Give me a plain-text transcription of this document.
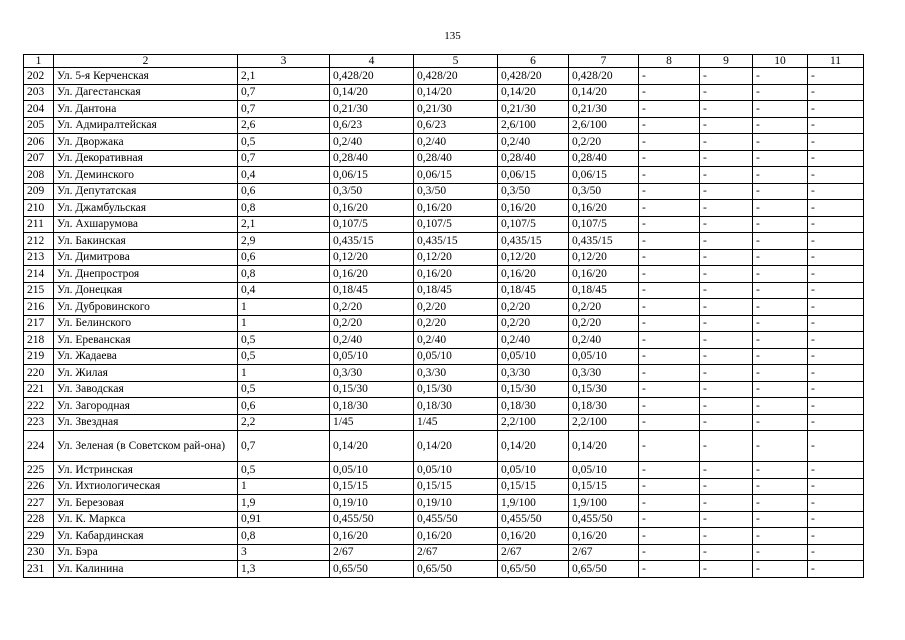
135
1	2	3	4	5	6	7	8	9	10	11
202	Ул. 5-я Керченская	2,1	0,428/20	0,428/20	0,428/20	0,428/20	-	-	-	-
203	Ул. Дагестанская	0,7	0,14/20	0,14/20	0,14/20	0,14/20	-	-	-	-
204	Ул. Дантона	0,7	0,21/30	0,21/30	0,21/30	0,21/30	-	-	-	-
205	Ул. Адмиралтейская	2,6	0,6/23	0,6/23	2,6/100	2,6/100	-	-	-	-
206	Ул. Дворжака	0,5	0,2/40	0,2/40	0,2/40	0,2/20	-	-	-	-
207	Ул. Декоративная	0,7	0,28/40	0,28/40	0,28/40	0,28/40	-	-	-	-
208	Ул. Деминского	0,4	0,06/15	0,06/15	0,06/15	0,06/15	-	-	-	-
209	Ул. Депутатская	0,6	0,3/50	0,3/50	0,3/50	0,3/50	-	-	-	-
210	Ул. Джамбульская	0,8	0,16/20	0,16/20	0,16/20	0,16/20	-	-	-	-
211	Ул. Ахшарумова	2,1	0,107/5	0,107/5	0,107/5	0,107/5	-	-	-	-
212	Ул. Бакинская	2,9	0,435/15	0,435/15	0,435/15	0,435/15	-	-	-	-
213	Ул. Димитрова	0,6	0,12/20	0,12/20	0,12/20	0,12/20	-	-	-	-
214	Ул. Днепростроя	0,8	0,16/20	0,16/20	0,16/20	0,16/20	-	-	-	-
215	Ул. Донецкая	0,4	0,18/45	0,18/45	0,18/45	0,18/45	-	-	-	-
216	Ул. Дубровинского	1	0,2/20	0,2/20	0,2/20	0,2/20	-	-	-	-
217	Ул. Белинского	1	0,2/20	0,2/20	0,2/20	0,2/20	-	-	-	-
218	Ул. Ереванская	0,5	0,2/40	0,2/40	0,2/40	0,2/40	-	-	-	-
219	Ул. Жадаева	0,5	0,05/10	0,05/10	0,05/10	0,05/10	-	-	-	-
220	Ул. Жилая	1	0,3/30	0,3/30	0,3/30	0,3/30	-	-	-	-
221	Ул. Заводская	0,5	0,15/30	0,15/30	0,15/30	0,15/30	-	-	-	-
222	Ул. Загородная	0,6	0,18/30	0,18/30	0,18/30	0,18/30	-	-	-	-
223	Ул. Звездная	2,2	1/45	1/45	2,2/100	2,2/100	-	-	-	-
224	Ул. Зеленая (в Советском рай-она)	0,7	0,14/20	0,14/20	0,14/20	0,14/20	-	-	-	-
225	Ул. Истринская	0,5	0,05/10	0,05/10	0,05/10	0,05/10	-	-	-	-
226	Ул. Ихтиологическая	1	0,15/15	0,15/15	0,15/15	0,15/15	-	-	-	-
227	Ул. Березовая	1,9	0,19/10	0,19/10	1,9/100	1,9/100	-	-	-	-
228	Ул. К. Маркса	0,91	0,455/50	0,455/50	0,455/50	0,455/50	-	-	-	-
229	Ул. Кабардинская	0,8	0,16/20	0,16/20	0,16/20	0,16/20	-	-	-	-
230	Ул. Бэра	3	2/67	2/67	2/67	2/67	-	-	-	-
231	Ул. Калинина	1,3	0,65/50	0,65/50	0,65/50	0,65/50	-	-	-	-
